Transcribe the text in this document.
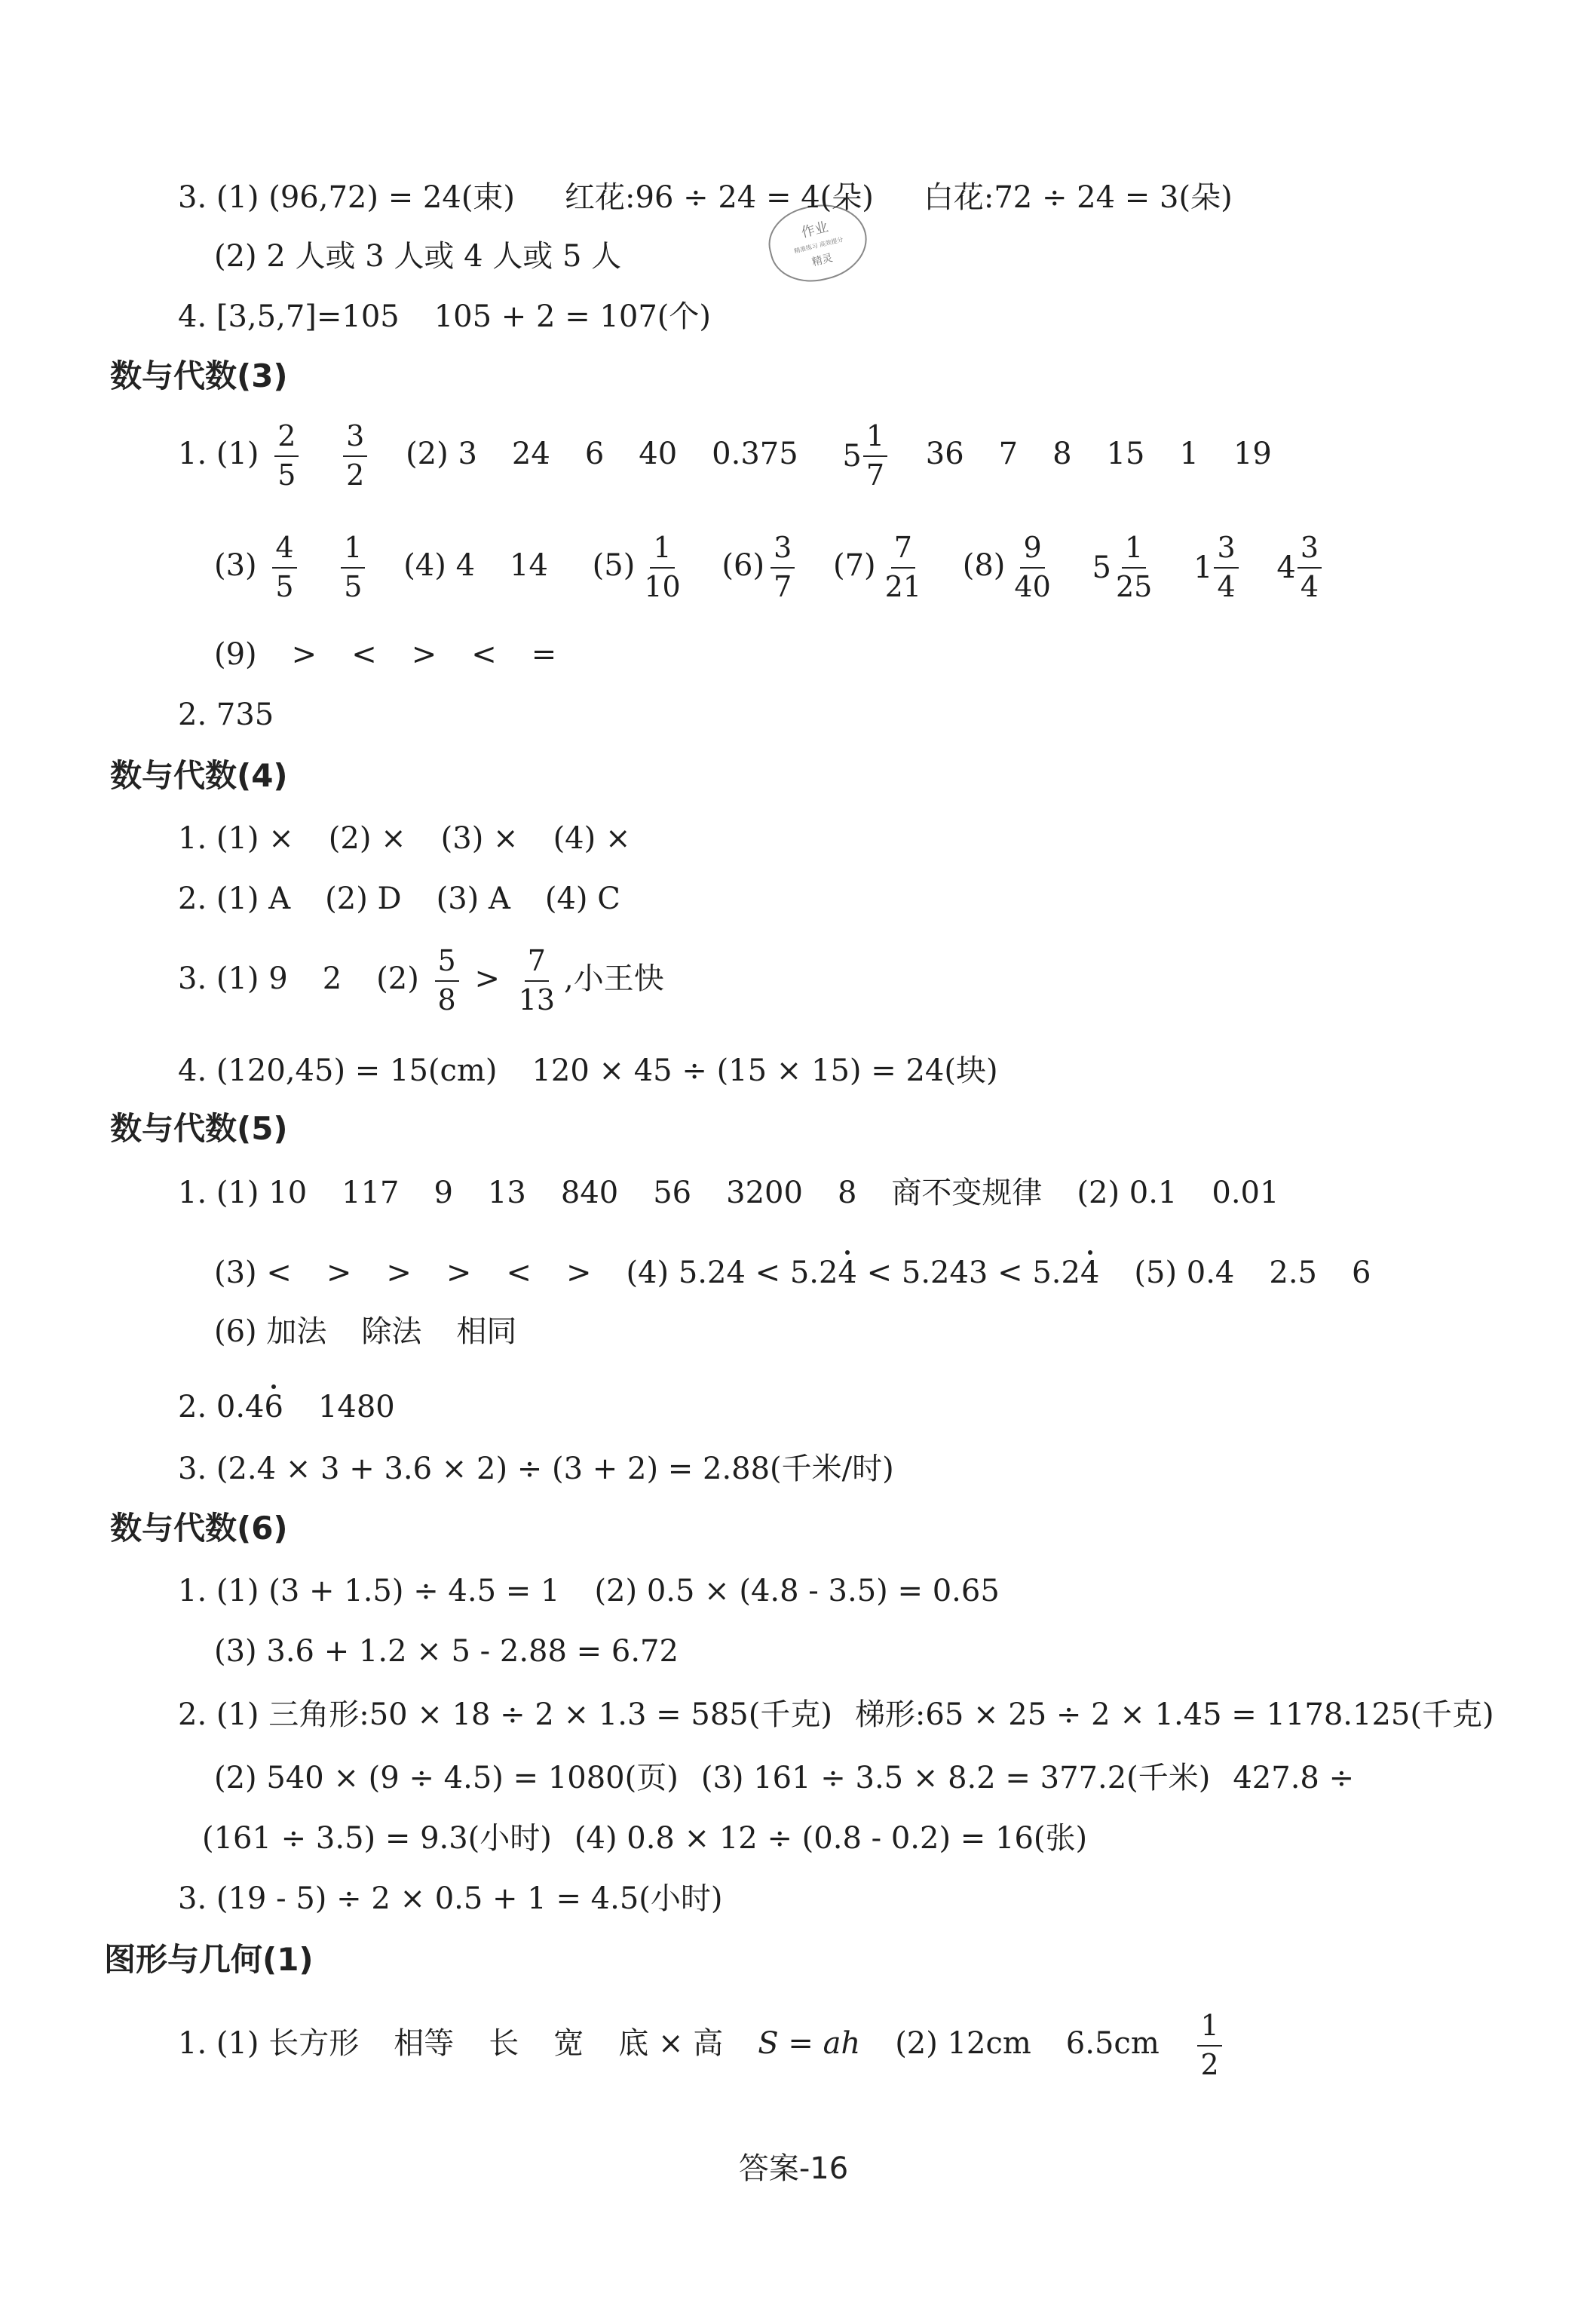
作业
精准练习 高效提分
精灵
3. (1) (96,72) = 24(束) 红花:96 ÷ 24 = 4(朵) 白花:72 ÷ 24 = 3(朵)
(2) 2 人或 3 人或 4 人或 5 人
4. [3,5,7]=105 105 + 2 = 107(个)
数与代数(3)
1. $(1) \frac{2}{5}$
$\frac{3}{2} (2)$ 3 24 6 40 0.375 5
1
7
36 7 8 15 1 19
$(3) \frac{4}{5}$
$\frac{1}{5} (4)$ 4 14 $(5) \frac{1}{10} (6) \frac{3}{7} (7) \frac{7}{21} (8) \frac{9}{40}$
5
1
25

1
3
4

4
3
4
(9) > < > < =
2. 735
数与代数(4)
1. (1) × (2) × (3) × (4) ×
2. (1) A (2) D (3) A (4) C
3. (1) 9 2 $(2) \frac{5}{8} > \frac{7}{13}$ ,小王快
4. (120,45) = 15(cm) 120 × 45 ÷ (15 × 15) = 24(块)
数与代数(5)
1. (1) 10 117 9 13 840 56 3200 8 商不变规律 (2) 0.1 0.01
(3) < > > > < > (4) 5.24 < 5.24 < 5.243 < 5.24 (5) 0.4 2.5 6
(6) 加法 除法 相同
2. 0.46 1480
3. (2.4 × 3 + 3.6 × 2) ÷ (3 + 2) = 2.88(千米/时)
数与代数(6)
1. (1) (3 + 1.5) ÷ 4.5 = 1 (2) 0.5 × (4.8 - 3.5) = 0.65
(3) 3.6 + 1.2 × 5 - 2.88 = 6.72
2. (1) 三角形:50 × 18 ÷ 2 × 1.3 = 585(千克) 梯形:65 × 25 ÷ 2 × 1.45 = 1178.125(千克)
(2) 540 × (9 ÷ 4.5) = 1080(页) (3) 161 ÷ 3.5 × 8.2 = 377.2(千米) 427.8 ÷
(161 ÷ 3.5) = 9.3(小时) (4) 0.8 × 12 ÷ (0.8 - 0.2) = 16(张)
3. (19 - 5) ÷ 2 × 0.5 + 1 = 4.5(小时)
图形与几何(1)
1. (1) 长方形 相等 长 宽 底 × 高 S = ah (2) 12cm $6.5cm \frac{1}{2}$
答案-16
